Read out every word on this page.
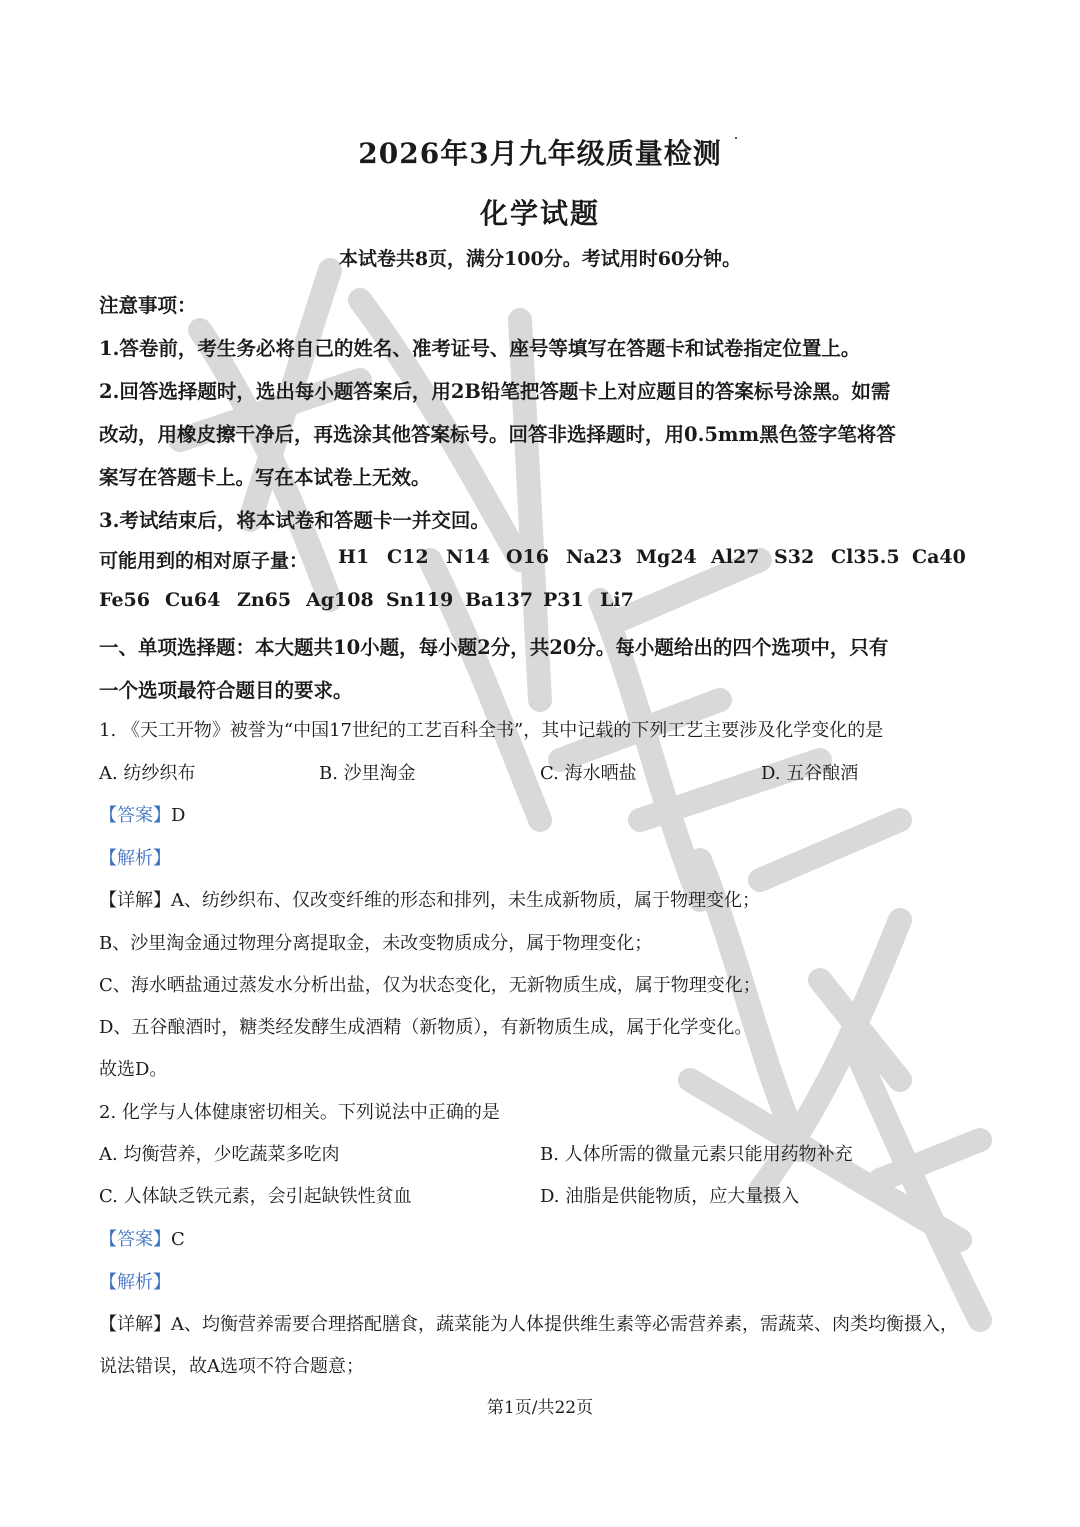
2026年3月九年级质量检测
化学试题
本试卷共8页，满分100分。考试用时60分钟。
注意事项：
1.答卷前，考生务必将自己的姓名、准考证号、座号等填写在答题卡和试卷指定位置上。
2.回答选择题时，选出每小题答案后，用2B铅笔把答题卡上对应题目的答案标号涂黑。如需
改动，用橡皮擦干净后，再选涂其他答案标号。回答非选择题时，用0.5mm黑色签字笔将答
案写在答题卡上。写在本试卷上无效。
3.考试结束后，将本试卷和答题卡一并交回。
可能用到的相对原子量： H1 C12 N14 O16 Na23 Mg24 Al27 S32 Cl35.5 Ca40
Fe56 Cu64 Zn65 Ag108 Sn119 Ba137 P31 Li7
一、单项选择题：本大题共10小题，每小题2分，共20分。每小题给出的四个选项中，只有
一个选项最符合题目的要求。
1. 《天工开物》被誉为“中国17世纪的工艺百科全书”，其中记载的下列工艺主要涉及化学变化的是
A. 纺纱织布	B. 沙里淘金	C. 海水晒盐	D. 五谷酿酒
【答案】D
【解析】
【详解】A、纺纱织布、仅改变纤维的形态和排列，未生成新物质，属于物理变化；
B、沙里淘金通过物理分离提取金，未改变物质成分，属于物理变化；
C、海水晒盐通过蒸发水分析出盐，仅为状态变化，无新物质生成，属于物理变化；
D、五谷酿酒时，糖类经发酵生成酒精（新物质），有新物质生成，属于化学变化。
故选D。
2. 化学与人体健康密切相关。下列说法中正确的是
A. 均衡营养，少吃蔬菜多吃肉	B. 人体所需的微量元素只能用药物补充
C. 人体缺乏铁元素，会引起缺铁性贫血	D. 油脂是供能物质，应大量摄入
【答案】C
【解析】
【详解】A、均衡营养需要合理搭配膳食，蔬菜能为人体提供维生素等必需营养素，需蔬菜、肉类均衡摄入，
说法错误，故A选项不符合题意；
第1页/共22页
